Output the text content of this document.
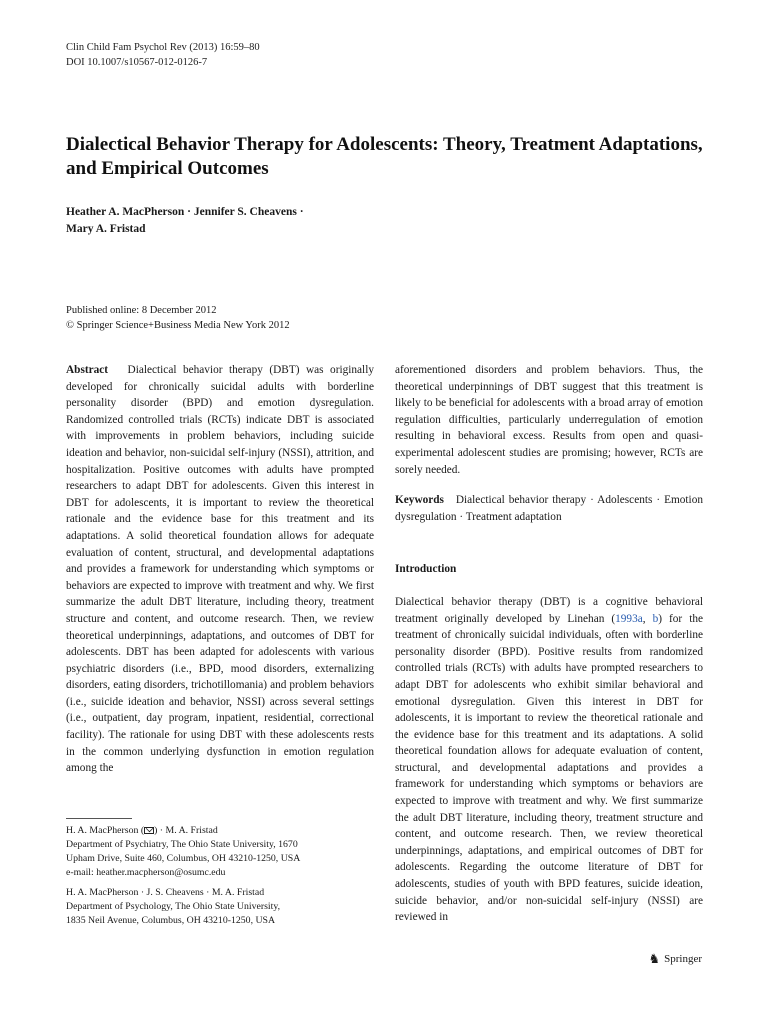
Clin Child Fam Psychol Rev (2013) 16:59–80
DOI 10.1007/s10567-012-0126-7
Dialectical Behavior Therapy for Adolescents: Theory, Treatment Adaptations, and Empirical Outcomes
Heather A. MacPherson · Jennifer S. Cheavens ·
Mary A. Fristad
Published online: 8 December 2012
© Springer Science+Business Media New York 2012

Abstract Dialectical behavior therapy (DBT) was originally developed for chronically suicidal adults with borderline personality disorder (BPD) and emotion dysregulation. Randomized controlled trials (RCTs) indicate DBT is associated with improvements in problem behaviors, including suicide ideation and behavior, non-suicidal self-injury (NSSI), attrition, and hospitalization. Positive outcomes with adults have prompted researchers to adapt DBT for adolescents. Given this interest in DBT for adolescents, it is important to review the theoretical rationale and the evidence base for this treatment and its adaptations. A solid theoretical foundation allows for adequate evaluation of content, structural, and developmental adaptations and provides a framework for understanding which symptoms or behaviors are expected to improve with treatment and why. We first summarize the adult DBT literature, including theory, treatment structure and content, and outcome research. Then, we review theoretical underpinnings, adaptations, and outcomes of DBT for adolescents. DBT has been adapted for adolescents with various psychiatric disorders (i.e., BPD, mood disorders, externalizing disorders, eating disorders, trichotillomania) and problem behaviors (i.e., suicide ideation and behavior, NSSI) across several settings (i.e., outpatient, day program, inpatient, residential, correctional facility). The rationale for using DBT with these adolescents rests in the common underlying dysfunction in emotion regulation among the

aforementioned disorders and problem behaviors. Thus, the theoretical underpinnings of DBT suggest that this treatment is likely to be beneficial for adolescents with a broad array of emotion regulation difficulties, particularly underregulation of emotion resulting in behavioral excess. Results from open and quasi-experimental adolescent studies are promising; however, RCTs are sorely needed.

Keywords Dialectical behavior therapy · Adolescents · Emotion dysregulation · Treatment adaptation

Introduction

Dialectical behavior therapy (DBT) is a cognitive behavioral treatment originally developed by Linehan (1993a, b) for the treatment of chronically suicidal individuals, often with borderline personality disorder (BPD). Positive results from randomized controlled trials (RCTs) with adults have prompted researchers to adapt DBT for adolescents who exhibit similar behavioral and emotional dysregulation. Given this interest in DBT for adolescents, it is important to review the theoretical rationale and the evidence base for this treatment and its adaptations. A solid theoretical foundation allows for adequate evaluation of content, structural, and developmental adaptations and provides a framework for understanding which symptoms or behaviors are expected to improve with treatment and why. We first summarize the adult DBT literature, including theory, treatment structure and content, and outcome research. Then, we review theoretical underpinnings, adaptations, and empirical outcomes of DBT for adolescents. Regarding the outcome literature of DBT for adolescents, studies of youth with BPD features, suicide ideation, suicide behavior, and/or non-suicidal self-injury (NSSI) are reviewed in

H. A. MacPherson ( ) · M. A. Fristad
Department of Psychiatry, The Ohio State University, 1670
Upham Drive, Suite 460, Columbus, OH 43210-1250, USA
e-mail: heather.macpherson@osumc.edu
H. A. MacPherson · J. S. Cheavens · M. A. Fristad
Department of Psychology, The Ohio State University,
1835 Neil Avenue, Columbus, OH 43210-1250, USA
♞ Springer
